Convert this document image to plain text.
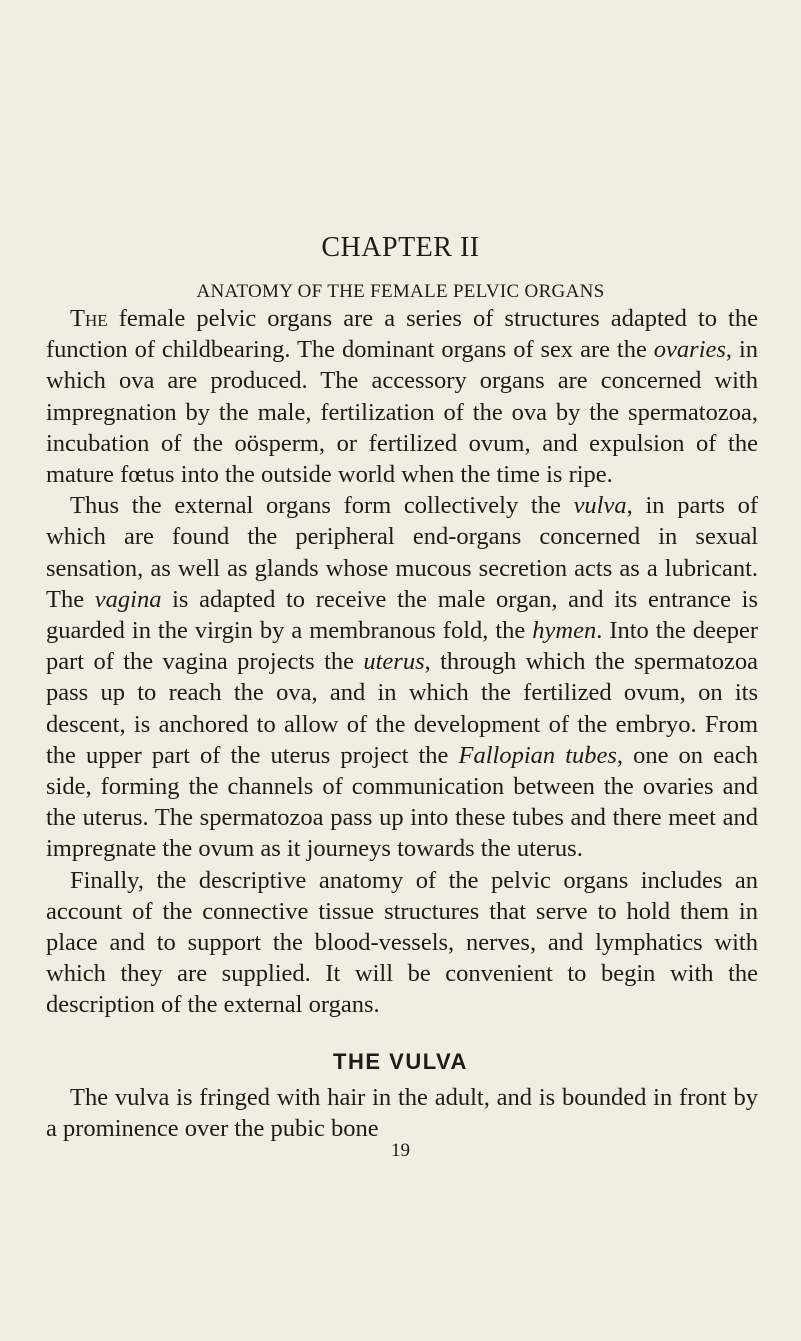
CHAPTER II
ANATOMY OF THE FEMALE PELVIC ORGANS

The female pelvic organs are a series of structures adapted to the function of childbearing. The dominant organs of sex are the ovaries, in which ova are produced. The accessory organs are concerned with impregnation by the male, fertilization of the ova by the spermatozoa, incubation of the oösperm, or fertilized ovum, and expulsion of the mature fœtus into the outside world when the time is ripe.

Thus the external organs form collectively the vulva, in parts of which are found the peripheral end-organs concerned in sexual sensation, as well as glands whose mucous secretion acts as a lubricant. The vagina is adapted to receive the male organ, and its entrance is guarded in the virgin by a membranous fold, the hymen. Into the deeper part of the vagina projects the uterus, through which the spermatozoa pass up to reach the ova, and in which the fertilized ovum, on its descent, is anchored to allow of the development of the embryo. From the upper part of the uterus project the Fallopian tubes, one on each side, forming the channels of communication between the ovaries and the uterus. The spermatozoa pass up into these tubes and there meet and impregnate the ovum as it journeys towards the uterus.

Finally, the descriptive anatomy of the pelvic organs includes an account of the connective tissue structures that serve to hold them in place and to support the blood-vessels, nerves, and lymphatics with which they are supplied. It will be convenient to begin with the description of the external organs.

THE VULVA

The vulva is fringed with hair in the adult, and is bounded in front by a prominence over the pubic bone

19
